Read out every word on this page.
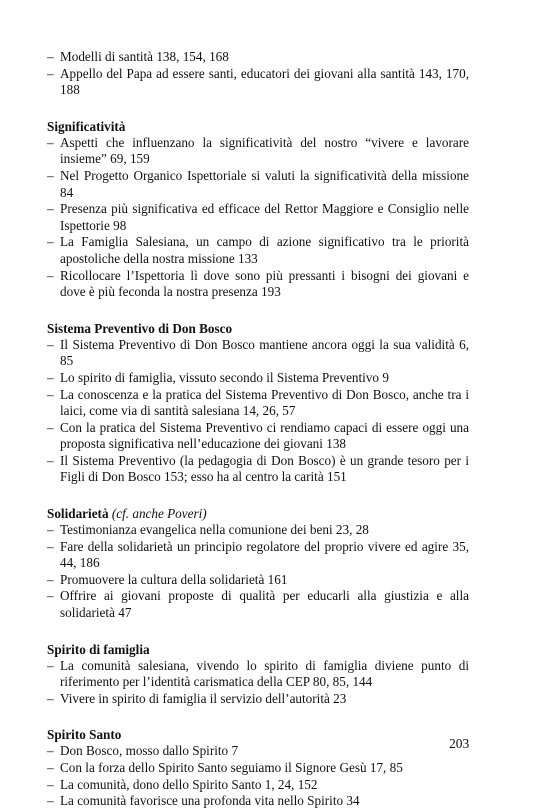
– Modelli di santità 138, 154, 168
– Appello del Papa ad essere santi, educatori dei giovani alla santità 143, 170, 188
Significatività
– Aspetti che influenzano la significatività del nostro “vivere e lavorare insieme” 69, 159
– Nel Progetto Organico Ispettoriale si valuti la significatività della missione 84
– Presenza più significativa ed efficace del Rettor Maggiore e Consiglio nelle Ispettorie 98
– La Famiglia Salesiana, un campo di azione significativo tra le priorità apostoliche della nostra missione 133
– Ricollocare l’Ispettoria lì dove sono più pressanti i bisogni dei giovani e dove è più feconda la nostra presenza 193
Sistema Preventivo di Don Bosco
– Il Sistema Preventivo di Don Bosco mantiene ancora oggi la sua validità 6, 85
– Lo spirito di famiglia, vissuto secondo il Sistema Preventivo 9
– La conoscenza e la pratica del Sistema Preventivo di Don Bosco, anche tra i laici, come via di santità salesiana 14, 26, 57
– Con la pratica del Sistema Preventivo ci rendiamo capaci di essere oggi una proposta significativa nell’educazione dei giovani 138
– Il Sistema Preventivo (la pedagogia di Don Bosco) è un grande tesoro per i Figli di Don Bosco 153; esso ha al centro la carità 151
Solidarietà (cf. anche Poveri)
– Testimonianza evangelica nella comunione dei beni 23, 28
– Fare della solidarietà un principio regolatore del proprio vivere ed agire 35, 44, 186
– Promuovere la cultura della solidarietà 161
– Offrire ai giovani proposte di qualità per educarli alla giustizia e alla solidarietà 47
Spirito di famiglia
– La comunità salesiana, vivendo lo spirito di famiglia diviene punto di riferimento per l’identità carismatica della CEP 80, 85, 144
– Vivere in spirito di famiglia il servizio dell’autorità 23
Spirito Santo
– Don Bosco, mosso dallo Spirito 7
– Con la forza dello Spirito Santo seguiamo il Signore Gesù 17, 85
– La comunità, dono dello Spirito Santo 1, 24, 152
– La comunità favorisce una profonda vita nello Spirito 34
203
